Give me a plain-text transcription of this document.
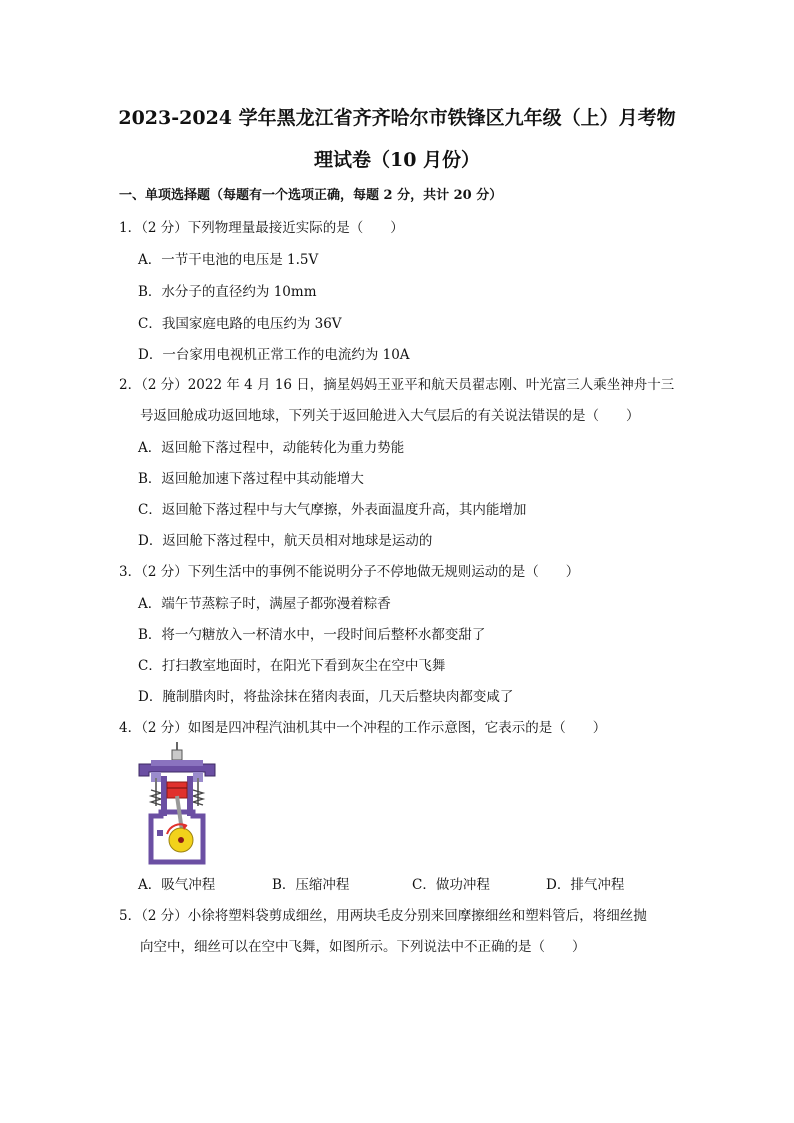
2023-2024 学年黑龙江省齐齐哈尔市铁锋区九年级（上）月考物
理试卷（10 月份）
一、单项选择题（每题有一个选项正确，每题 2 分，共计 20 分）
1．（2 分）下列物理量最接近实际的是（　　）
A．一节干电池的电压是 1.5V
B．水分子的直径约为 10mm
C．我国家庭电路的电压约为 36V
D．一台家用电视机正常工作的电流约为 10A
2．（2 分）2022 年 4 月 16 日，摘星妈妈王亚平和航天员翟志刚、叶光富三人乘坐神舟十三
号返回舱成功返回地球，下列关于返回舱进入大气层后的有关说法错误的是（　　）
A．返回舱下落过程中，动能转化为重力势能
B．返回舱加速下落过程中其动能增大
C．返回舱下落过程中与大气摩擦，外表面温度升高，其内能增加
D．返回舱下落过程中，航天员相对地球是运动的
3．（2 分）下列生活中的事例不能说明分子不停地做无规则运动的是（　　）
A．端午节蒸粽子时，满屋子都弥漫着粽香
B．将一勺糖放入一杯清水中，一段时间后整杯水都变甜了
C．打扫教室地面时，在阳光下看到灰尘在空中飞舞
D．腌制腊肉时，将盐涂抹在猪肉表面，几天后整块肉都变咸了
4．（2 分）如图是四冲程汽油机其中一个冲程的工作示意图，它表示的是（　　）
A．吸气冲程	B．压缩冲程	C．做功冲程	D．排气冲程
5．（2 分）小徐将塑料袋剪成细丝，用两块毛皮分别来回摩擦细丝和塑料管后，将细丝抛
向空中，细丝可以在空中飞舞，如图所示。下列说法中不正确的是（　　）
